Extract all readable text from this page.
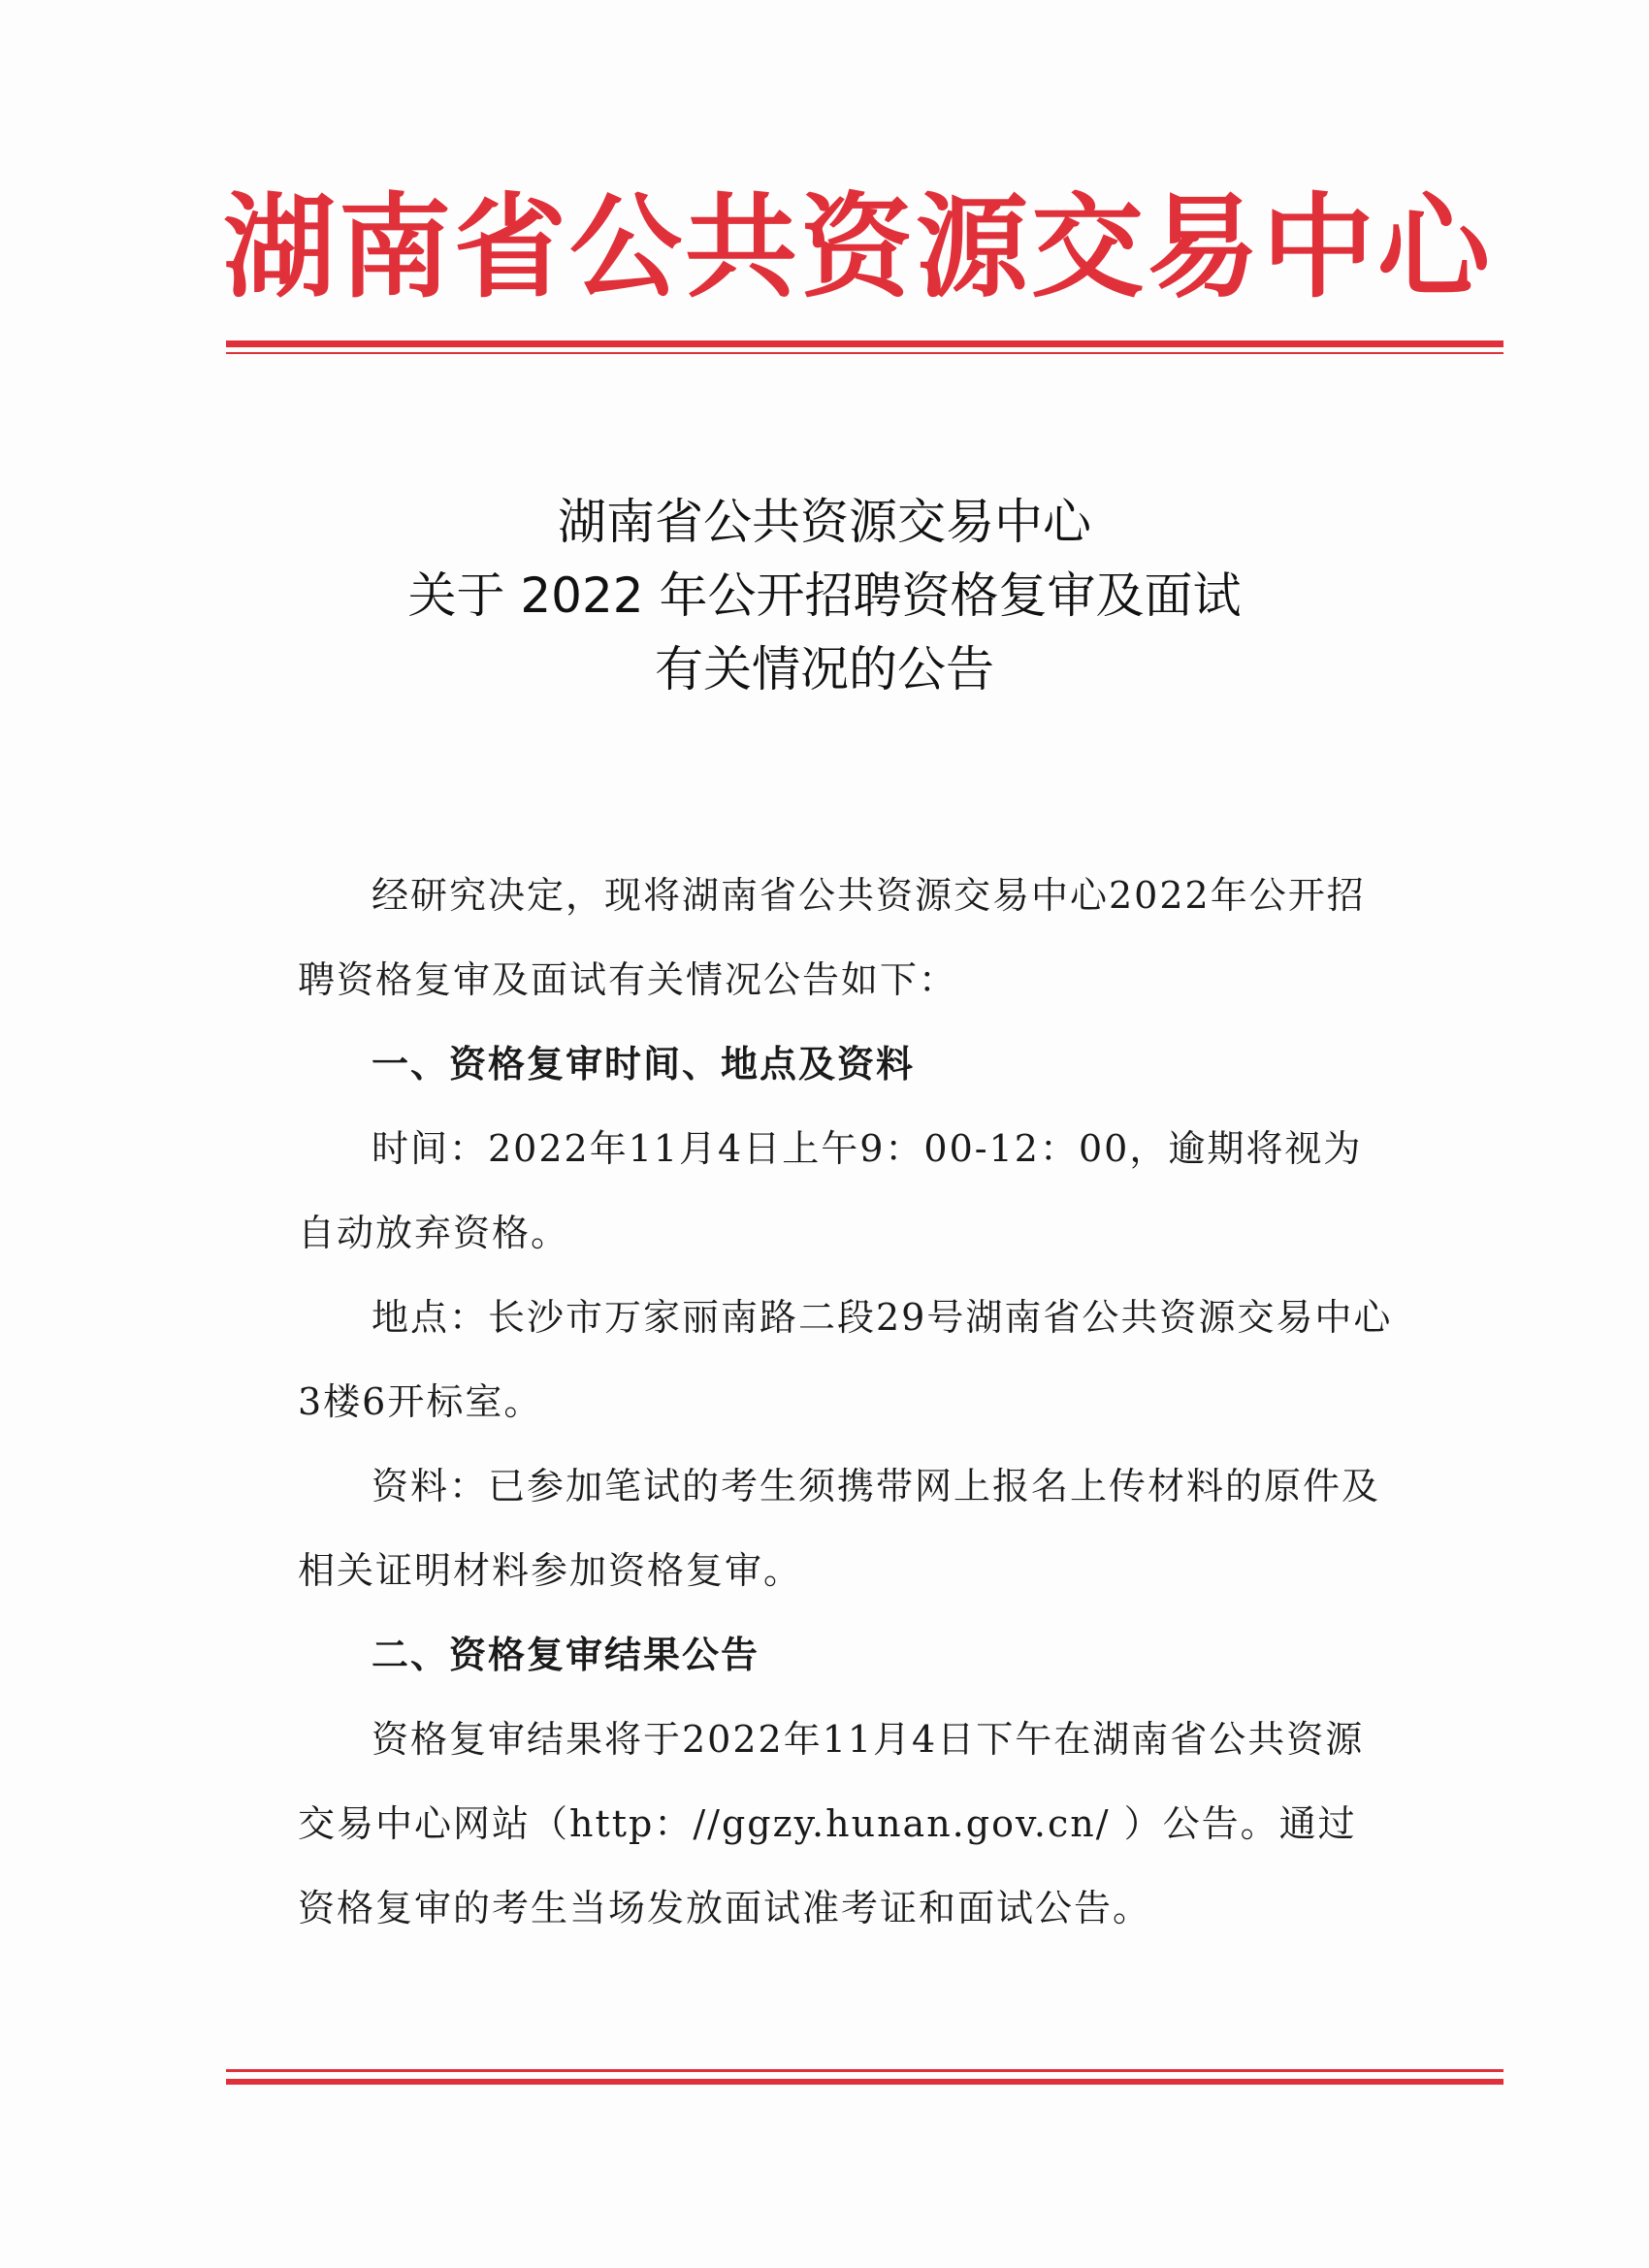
湖南省公共资源交易中心
湖南省公共资源交易中心
关于 2022 年公开招聘资格复审及面试
有关情况的公告

经研究决定，现将湖南省公共资源交易中心2022年公开招聘资格复审及面试有关情况公告如下：

一、资格复审时间、地点及资料

时间：2022年11月4日上午9：00-12：00，逾期将视为自动放弃资格。

地点：长沙市万家丽南路二段29号湖南省公共资源交易中心3楼6开标室。

资料：已参加笔试的考生须携带网上报名上传材料的原件及相关证明材料参加资格复审。

二、资格复审结果公告

资格复审结果将于2022年11月4日下午在湖南省公共资源交易中心网站（http：//ggzy.hunan.gov.cn/ ）公告。通过资格复审的考生当场发放面试准考证和面试公告。
